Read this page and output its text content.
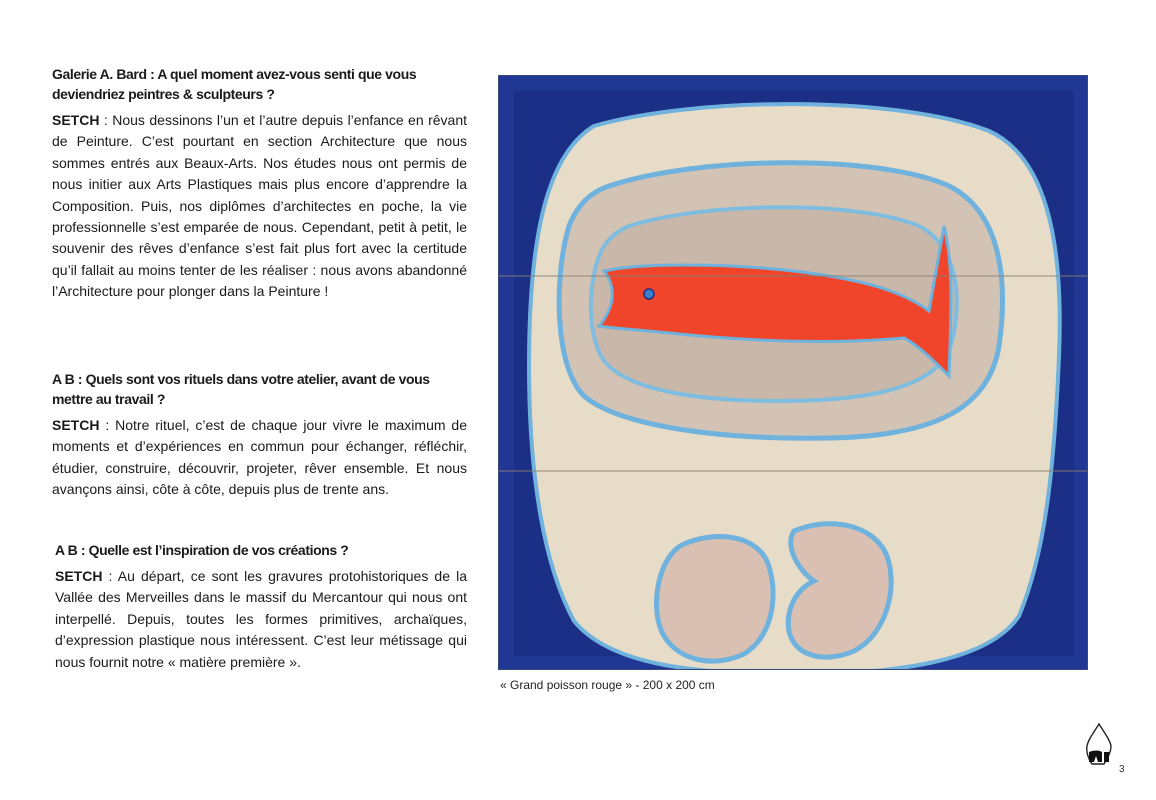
Galerie A. Bard : A quel moment avez-vous senti que vous deviendriez peintres & sculpteurs ?

SETCH : Nous dessinons l’un et l’autre depuis l’enfance en rêvant de Peinture. C’est pourtant en section Architecture que nous sommes entrés aux Beaux-Arts. Nos études nous ont permis de nous initier aux Arts Plastiques mais plus encore d’apprendre la Composition. Puis, nos diplômes d’architectes en poche, la vie professionnelle s’est emparée de nous. Cependant, petit à petit, le souvenir des rêves d’enfance s’est fait plus fort avec la certitude qu’il fallait au moins tenter de les réaliser : nous avons abandonné l’Architecture pour plonger dans la Peinture !

A B : Quels sont vos rituels dans votre atelier, avant de vous mettre au travail ?

SETCH : Notre rituel, c’est de chaque jour vivre le maximum de moments et d’expériences en commun pour échanger, réfléchir, étudier, construire, découvrir, projeter, rêver ensemble. Et nous avançons ainsi, côte à côte, depuis plus de trente ans.

A B : Quelle est l’inspiration de vos créations ?

SETCH : Au départ, ce sont les gravures protohistoriques de la Vallée des Merveilles dans le massif du Mercantour qui nous ont interpellé. Depuis, toutes les formes primitives, archaïques, d’expression plastique nous intéressent. C’est leur métissage qui nous fournit notre « matière première ».

« Grand poisson rouge » - 200 x 200 cm
3
